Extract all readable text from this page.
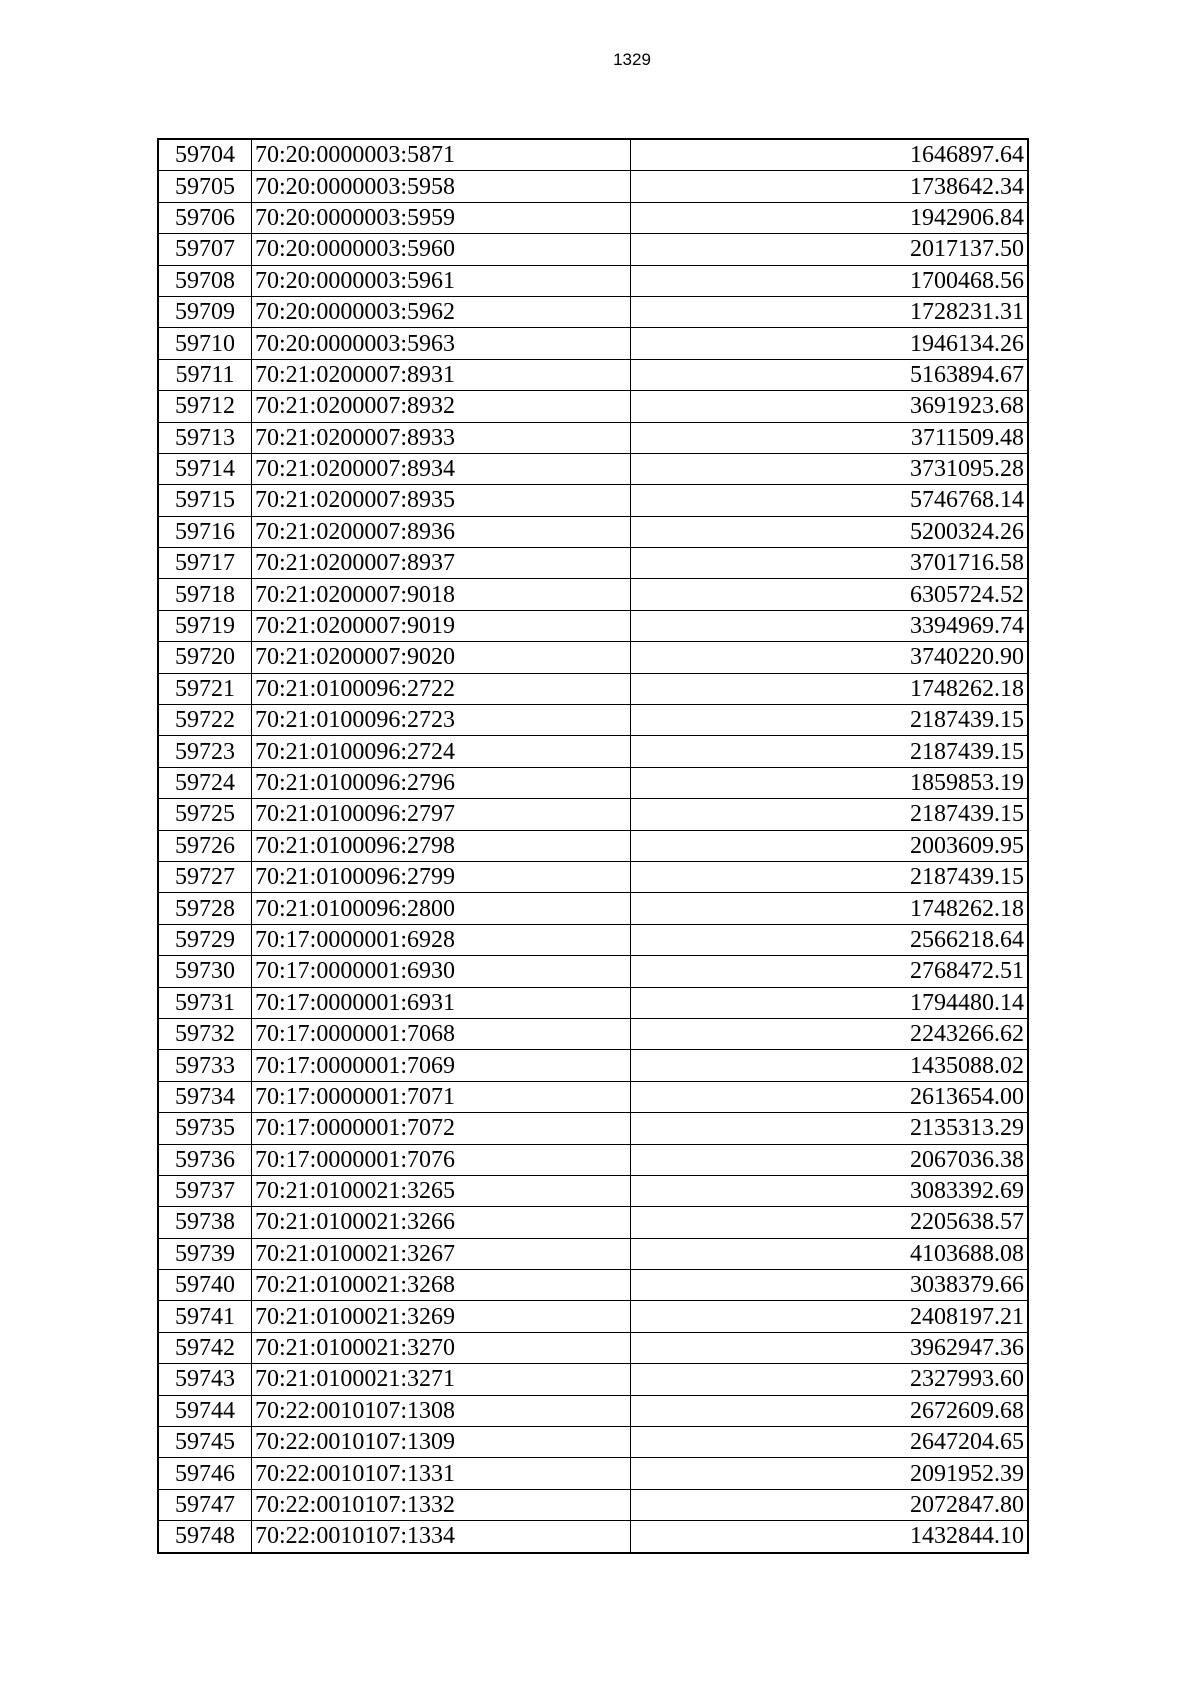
1329
59704	70:20:0000003:5871	1646897.64
59705	70:20:0000003:5958	1738642.34
59706	70:20:0000003:5959	1942906.84
59707	70:20:0000003:5960	2017137.50
59708	70:20:0000003:5961	1700468.56
59709	70:20:0000003:5962	1728231.31
59710	70:20:0000003:5963	1946134.26
59711	70:21:0200007:8931	5163894.67
59712	70:21:0200007:8932	3691923.68
59713	70:21:0200007:8933	3711509.48
59714	70:21:0200007:8934	3731095.28
59715	70:21:0200007:8935	5746768.14
59716	70:21:0200007:8936	5200324.26
59717	70:21:0200007:8937	3701716.58
59718	70:21:0200007:9018	6305724.52
59719	70:21:0200007:9019	3394969.74
59720	70:21:0200007:9020	3740220.90
59721	70:21:0100096:2722	1748262.18
59722	70:21:0100096:2723	2187439.15
59723	70:21:0100096:2724	2187439.15
59724	70:21:0100096:2796	1859853.19
59725	70:21:0100096:2797	2187439.15
59726	70:21:0100096:2798	2003609.95
59727	70:21:0100096:2799	2187439.15
59728	70:21:0100096:2800	1748262.18
59729	70:17:0000001:6928	2566218.64
59730	70:17:0000001:6930	2768472.51
59731	70:17:0000001:6931	1794480.14
59732	70:17:0000001:7068	2243266.62
59733	70:17:0000001:7069	1435088.02
59734	70:17:0000001:7071	2613654.00
59735	70:17:0000001:7072	2135313.29
59736	70:17:0000001:7076	2067036.38
59737	70:21:0100021:3265	3083392.69
59738	70:21:0100021:3266	2205638.57
59739	70:21:0100021:3267	4103688.08
59740	70:21:0100021:3268	3038379.66
59741	70:21:0100021:3269	2408197.21
59742	70:21:0100021:3270	3962947.36
59743	70:21:0100021:3271	2327993.60
59744	70:22:0010107:1308	2672609.68
59745	70:22:0010107:1309	2647204.65
59746	70:22:0010107:1331	2091952.39
59747	70:22:0010107:1332	2072847.80
59748	70:22:0010107:1334	1432844.10
